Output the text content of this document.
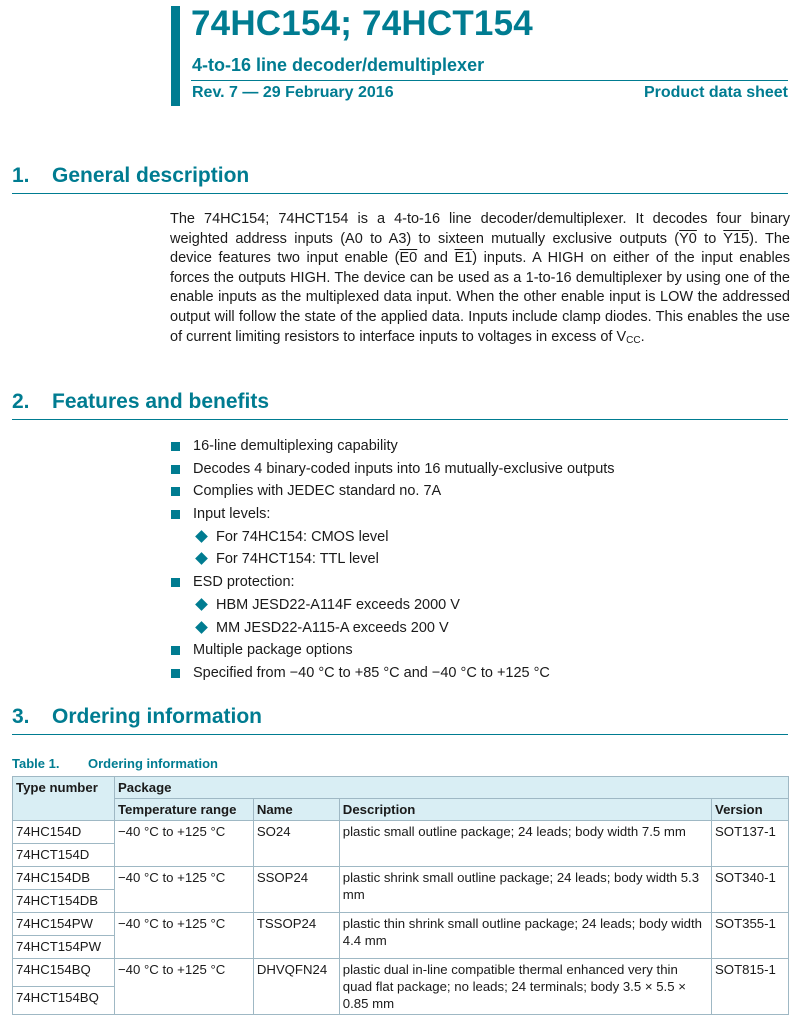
74HC154; 74HCT154
4-to-16 line decoder/demultiplexer
Rev. 7 — 29 February 2016	Product data sheet
1. General description
The 74HC154; 74HCT154 is a 4-to-16 line decoder/demultiplexer. It decodes four binary weighted address inputs (A0 to A3) to sixteen mutually exclusive outputs (Y0 to Y15). The device features two input enable (E0 and E1) inputs. A HIGH on either of the input enables forces the outputs HIGH. The device can be used as a 1-to-16 demultiplexer by using one of the enable inputs as the multiplexed data input. When the other enable input is LOW the addressed output will follow the state of the applied data. Inputs include clamp diodes. This enables the use of current limiting resistors to interface inputs to voltages in excess of $V_{CC}$.
2. Features and benefits
16-line demultiplexing capability
Decodes 4 binary-coded inputs into 16 mutually-exclusive outputs
Complies with JEDEC standard no. 7A
Input levels:
For 74HC154: CMOS level
For 74HCT154: TTL level
ESD protection:
HBM JESD22-A114F exceeds 2000 V
MM JESD22-A115-A exceeds 200 V
Multiple package options
Specified from −40 °C to +85 °C and −40 °C to +125 °C
3. Ordering information
Table 1. Ordering information
Type number	Package			
	Temperature range	Name	Description	Version
74HC154D	−40 °C to +125 °C	SO24	plastic small outline package; 24 leads; body width 7.5 mm	SOT137-1
74HCT154D				
74HC154DB	−40 °C to +125 °C	SSOP24	plastic shrink small outline package; 24 leads; body width 5.3 mm	SOT340-1
74HCT154DB				
74HC154PW	−40 °C to +125 °C	TSSOP24	plastic thin shrink small outline package; 24 leads; body width 4.4 mm	SOT355-1
74HCT154PW				
74HC154BQ	−40 °C to +125 °C	DHVQFN24	plastic dual in-line compatible thermal enhanced very thin quad flat package; no leads; 24 terminals; body 3.5 × 5.5 × 0.85 mm	SOT815-1
74HCT154BQ				
